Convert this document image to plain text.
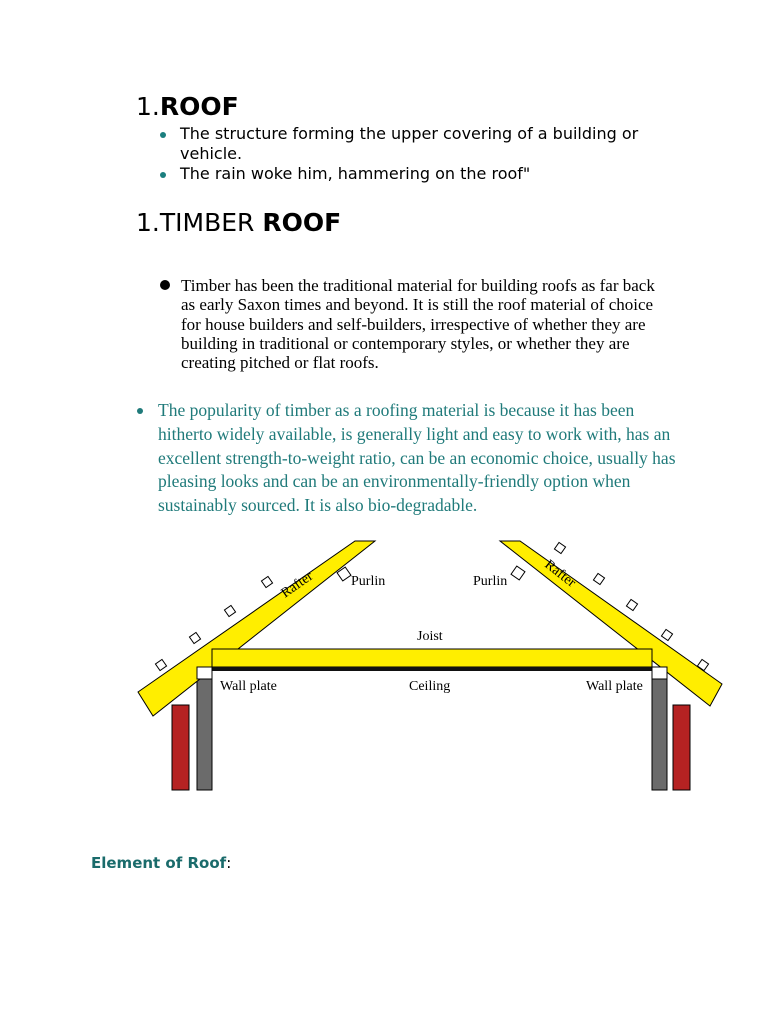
1.ROOF
The structure forming the upper covering of a building or vehicle.
The rain woke him, hammering on the roof"
1.TIMBER ROOF
Timber has been the traditional material for building roofs as far back as early Saxon times and beyond. It is still the roof material of choice for house builders and self-builders, irrespective of whether they are building in traditional or contemporary styles, or whether they are creating pitched or flat roofs.
The popularity of timber as a roofing material is because it has been hitherto widely available, is generally light and easy to work with, has an excellent strength-to-weight ratio, can be an economic choice, usually has pleasing looks and can be an environmentally-friendly option when sustainably sourced. It is also bio-degradable.
Rafter	Rafter
Purlin	Purlin
Joist
Ceiling
Wall plate	Wall plate
Element of Roof:
